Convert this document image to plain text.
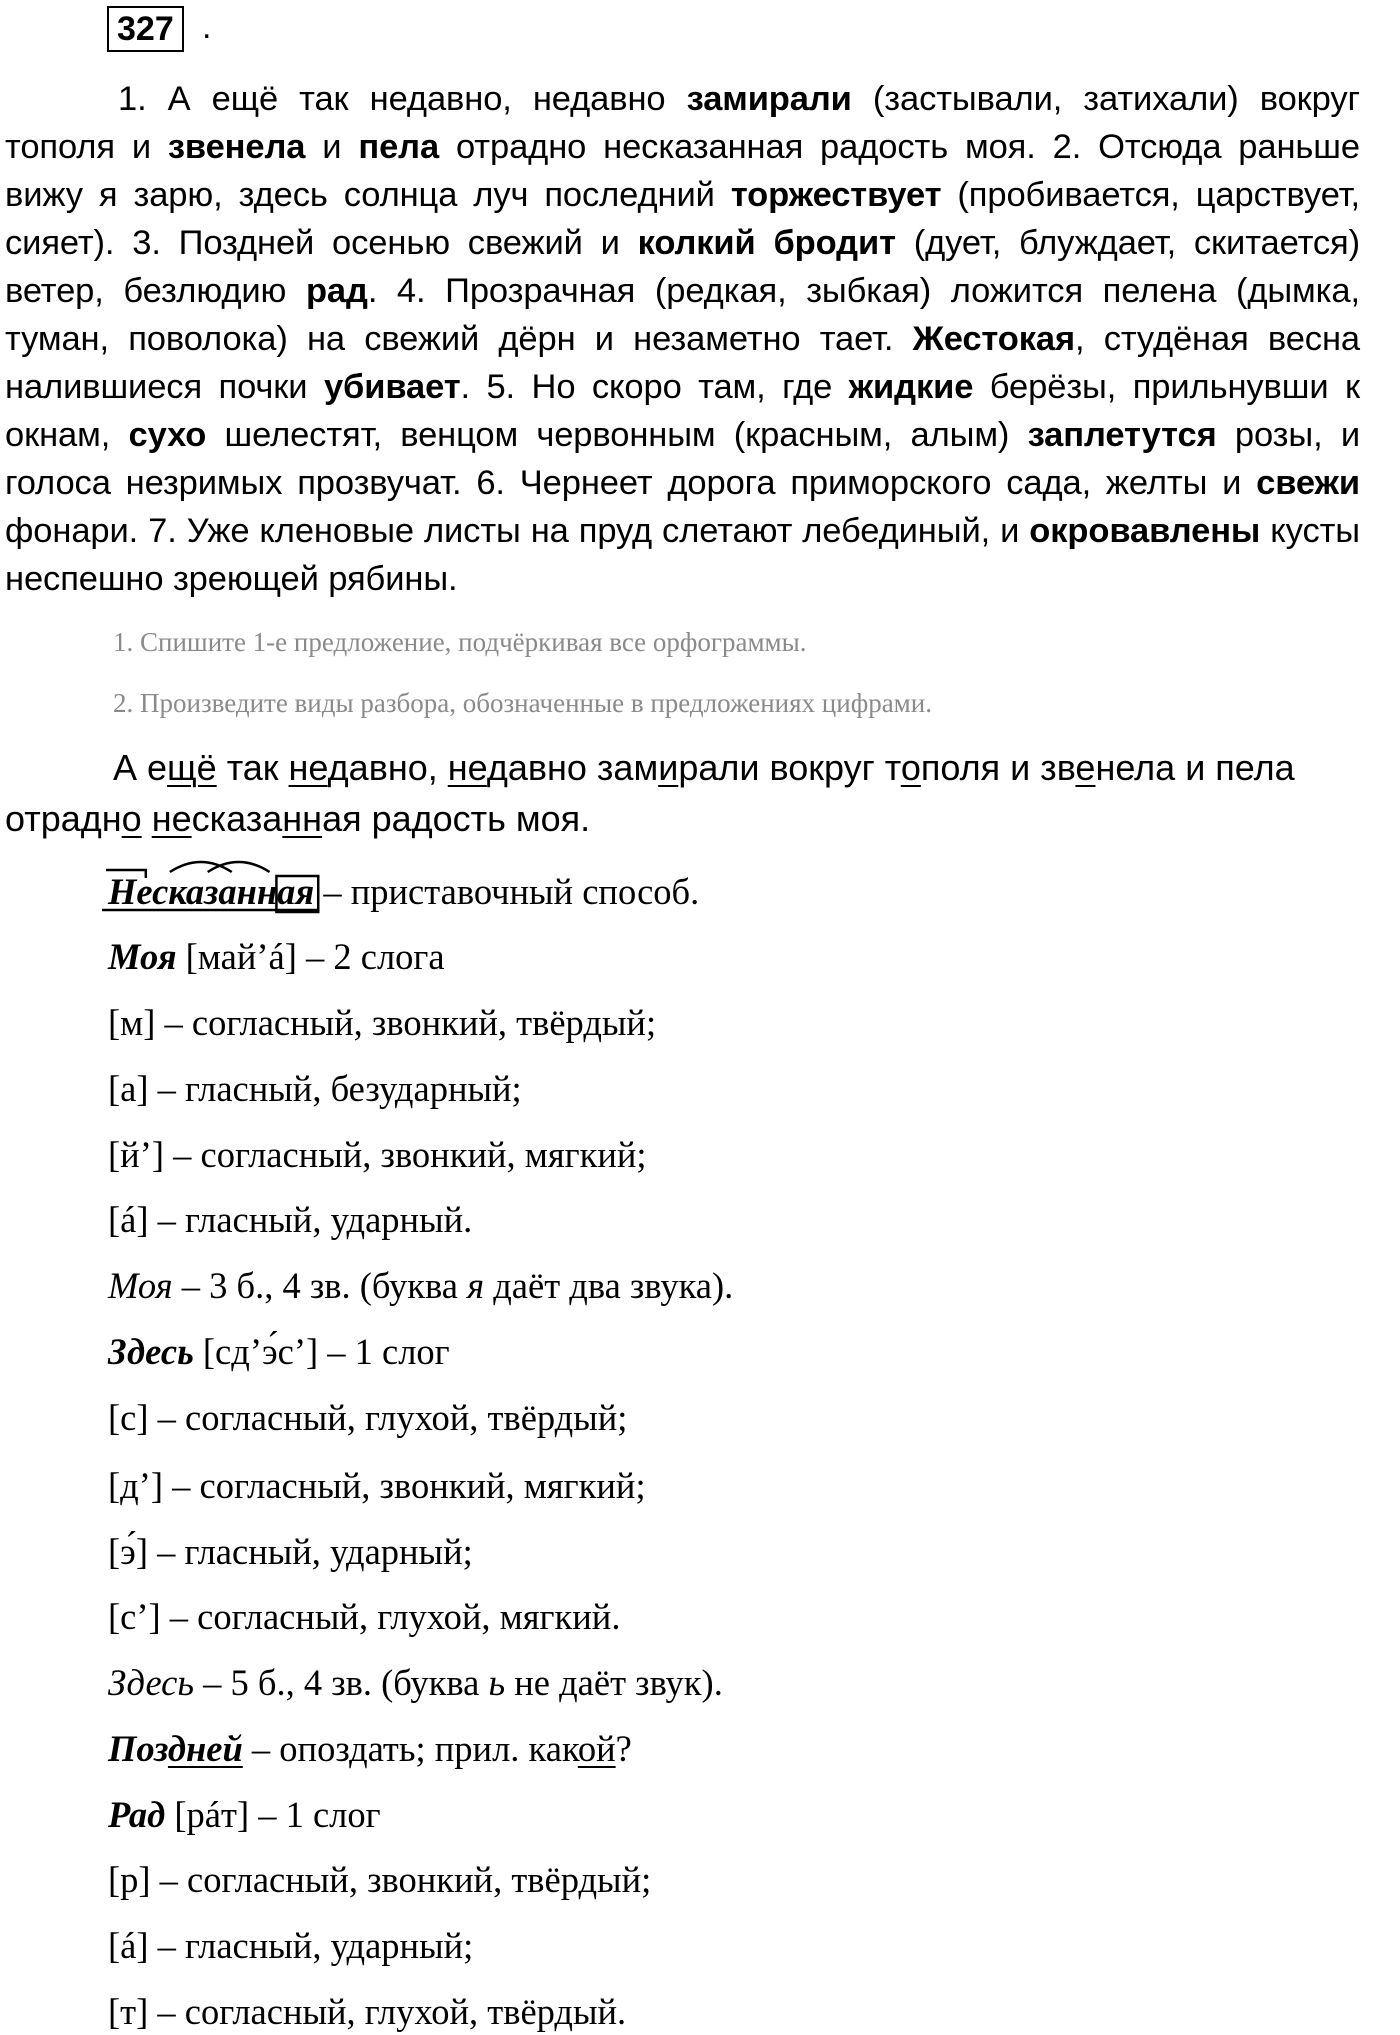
327 .
1. А ещё так недавно, недавно замирали (застывали, затихали) вокруг тополя и звенела и пела отрадно несказанная радость моя. 2. Отсюда раньше вижу я зарю, здесь солнца луч последний торжествует (пробивается, царствует, сияет). 3. Поздней осенью свежий и колкий бродит (дует, блуждает, скитается) ветер, безлюдию рад. 4. Прозрачная (редкая, зыбкая) ложится пелена (дымка, туман, поволока) на свежий дёрн и незаметно тает. Жестокая, студёная весна налившиеся почки убивает. 5. Но скоро там, где жидкие берёзы, прильнувши к окнам, сухо шелестят, венцом червонным (красным, алым) заплетутся розы, и голоса незримых прозвучат. 6. Чернеет дорога приморского сада, желты и свежи фонари. 7. Уже кленовые листы на пруд слетают лебединый, и окровавлены кусты неспешно зреющей рябины.
1. Спишите 1-е предложение, подчёркивая все орфограммы.
2. Произведите виды разбора, обозначенные в предложениях цифрами.
А ещё так недавно, недавно замирали вокруг тополя и звенела и пела отрадно несказанная радость моя.
Несказанная
– приставочный способ.
Моя [май’á] – 2 слога
[м] – согласный, звонкий, твёрдый;
[а] – гласный, безударный;
[й’] – согласный, звонкий, мягкий;
[á] – гласный, ударный.
Моя – 3 б., 4 зв. (буква я даёт два звука).
Здесь [сд’э́с’] – 1 слог
[с] – согласный, глухой, твёрдый;
[д’] – согласный, звонкий, мягкий;
[э́] – гласный, ударный;
[с’] – согласный, глухой, мягкий.
Здесь – 5 б., 4 зв. (буква ь не даёт звук).
Поздней – опоздать; прил. какой?
Рад [рáт] – 1 слог
[р] – согласный, звонкий, твёрдый;
[á] – гласный, ударный;
[т] – согласный, глухой, твёрдый.
